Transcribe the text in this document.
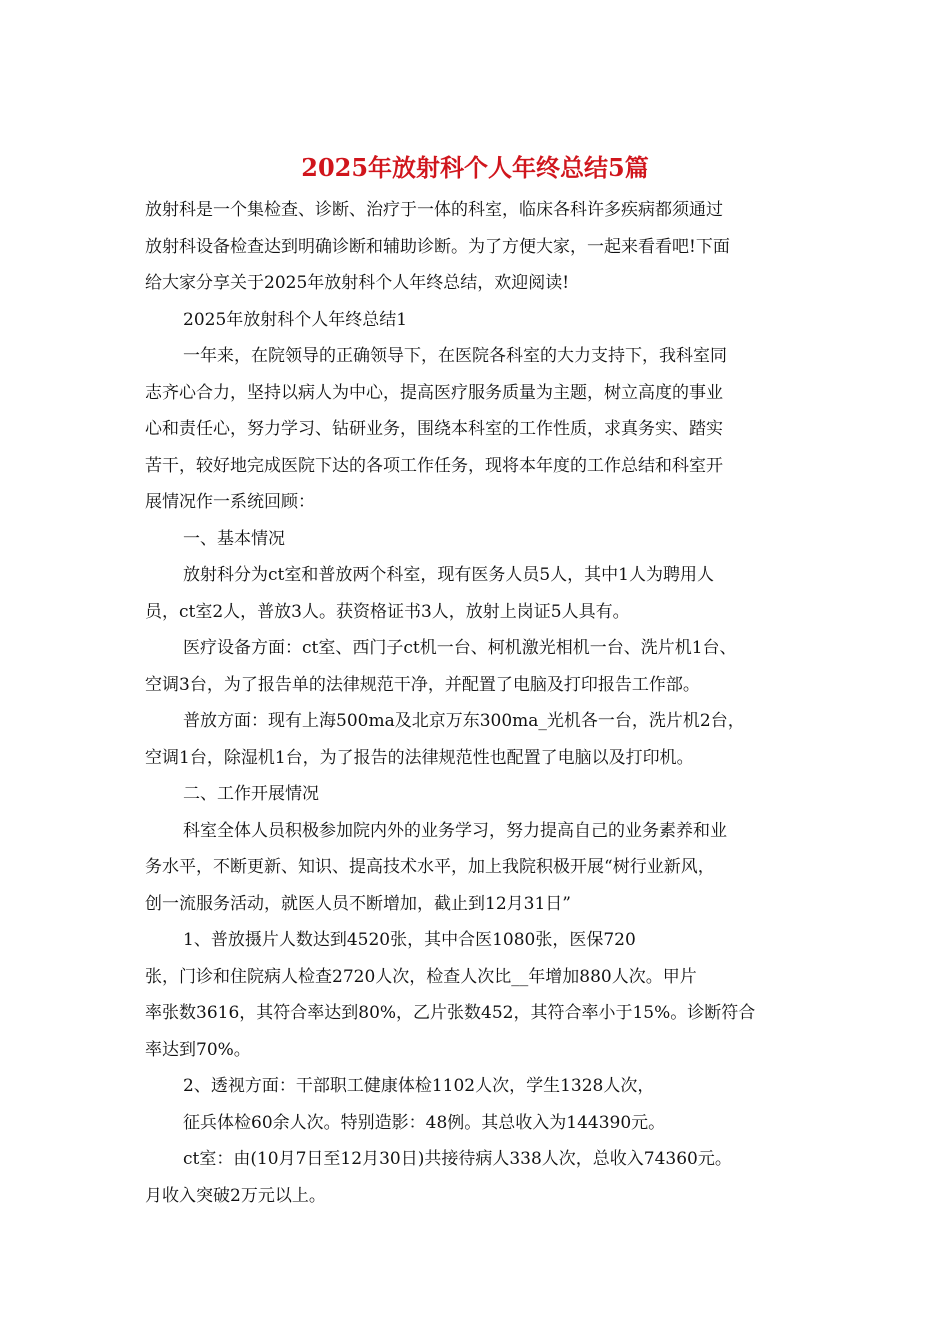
2025年放射科个人年终总结5篇
放射科是一个集检查、诊断、治疗于一体的科室，临床各科许多疾病都须通过
放射科设备检查达到明确诊断和辅助诊断。为了方便大家，一起来看看吧!下面
给大家分享关于2025年放射科个人年终总结，欢迎阅读!
2025年放射科个人年终总结1
一年来，在院领导的正确领导下，在医院各科室的大力支持下，我科室同
志齐心合力，坚持以病人为中心，提高医疗服务质量为主题，树立高度的事业
心和责任心，努力学习、钻研业务，围绕本科室的工作性质，求真务实、踏实
苦干，较好地完成医院下达的各项工作任务，现将本年度的工作总结和科室开
展情况作一系统回顾：
一、基本情况
放射科分为ct室和普放两个科室，现有医务人员5人，其中1人为聘用人
员，ct室2人，普放3人。获资格证书3人，放射上岗证5人具有。
医疗设备方面：ct室、西门子ct机一台、柯机激光相机一台、洗片机1台、
空调3台，为了报告单的法律规范干净，并配置了电脑及打印报告工作部。
普放方面：现有上海500ma及北京万东300ma_光机各一台，洗片机2台，
空调1台，除湿机1台，为了报告的法律规范性也配置了电脑以及打印机。
二、工作开展情况
科室全体人员积极参加院内外的业务学习，努力提高自己的业务素养和业
务水平，不断更新、知识、提高技术水平，加上我院积极开展“树行业新风，
创一流服务活动，就医人员不断增加，截止到12月31日”
1、普放摄片人数达到4520张，其中合医1080张，医保720
张，门诊和住院病人检查2720人次，检查人次比__年增加880人次。甲片
率张数3616，其符合率达到80%，乙片张数452，其符合率小于15%。诊断符合
率达到70%。
2、透视方面：干部职工健康体检1102人次，学生1328人次，
征兵体检60余人次。特别造影：48例。其总收入为144390元。
ct室：由(10月7日至12月30日)共接待病人338人次，总收入74360元。
月收入突破2万元以上。
